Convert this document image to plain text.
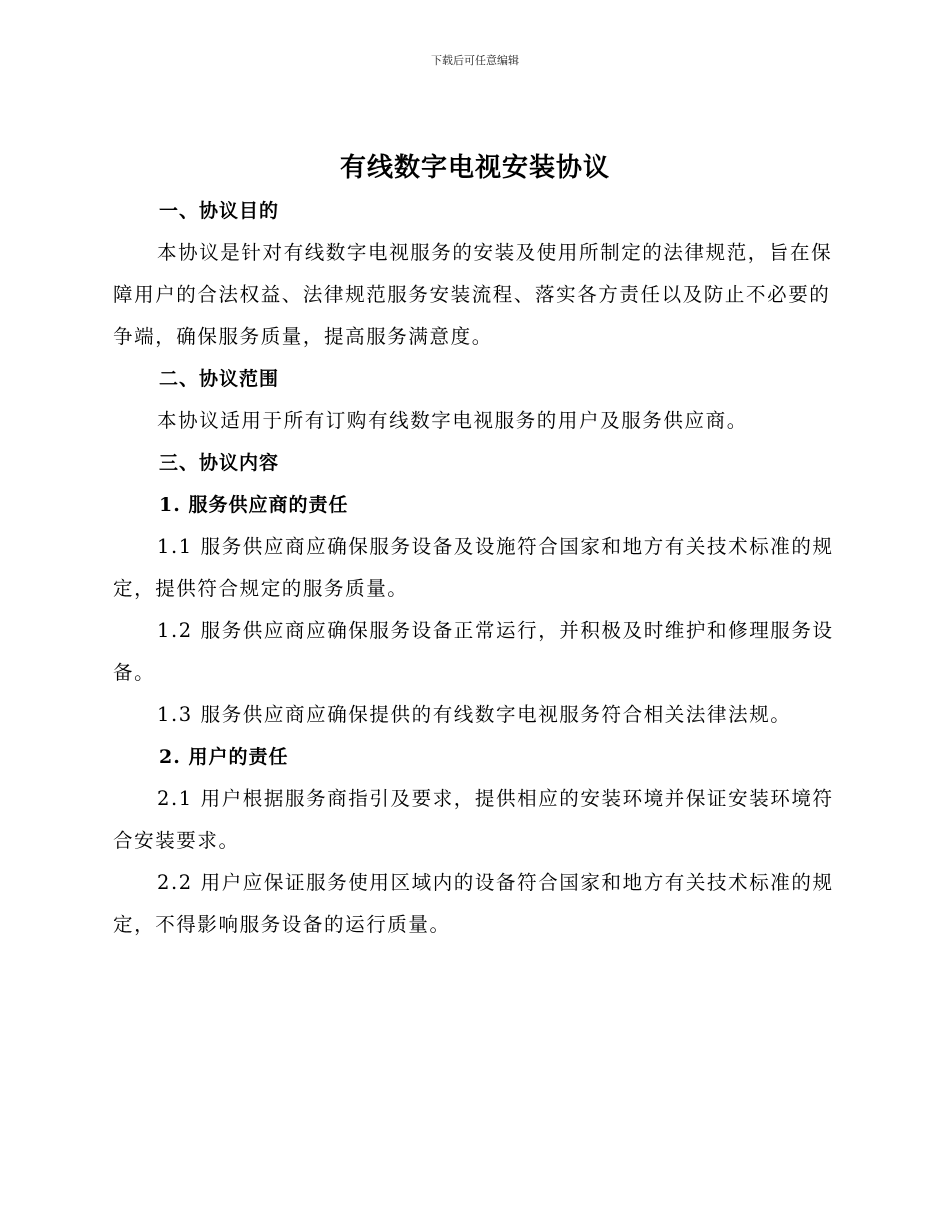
下载后可任意编辑
有线数字电视安装协议

一、协议目的

本协议是针对有线数字电视服务的安装及使用所制定的法律规范，旨在保障用户的合法权益、法律规范服务安装流程、落实各方责任以及防止不必要的争端，确保服务质量，提高服务满意度。

二、协议范围

本协议适用于所有订购有线数字电视服务的用户及服务供应商。

三、协议内容

1. 服务供应商的责任

1.1 服务供应商应确保服务设备及设施符合国家和地方有关技术标准的规定，提供符合规定的服务质量。

1.2 服务供应商应确保服务设备正常运行，并积极及时维护和修理服务设备。

1.3 服务供应商应确保提供的有线数字电视服务符合相关法律法规。

2. 用户的责任

2.1 用户根据服务商指引及要求，提供相应的安装环境并保证安装环境符合安装要求。

2.2 用户应保证服务使用区域内的设备符合国家和地方有关技术标准的规定，不得影响服务设备的运行质量。
